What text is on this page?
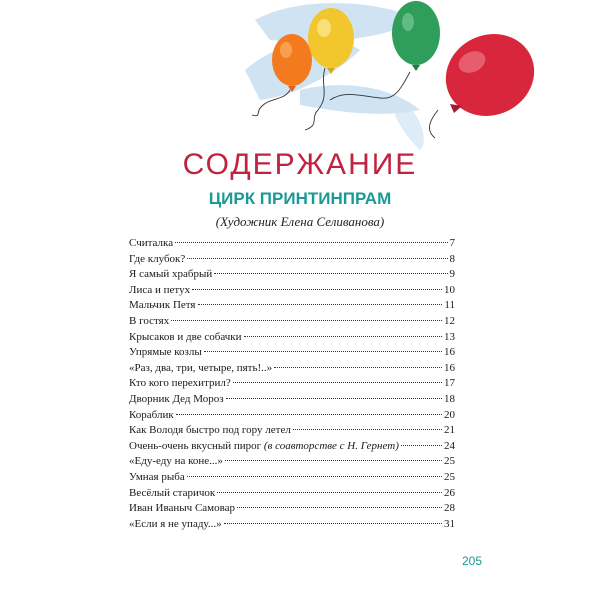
СОДЕРЖАНИЕ
ЦИРК ПРИНТИНПРАМ
(Художник Елена Селиванова)
Считалка	7
Где клубок?	8
Я самый храбрый	9
Лиса и петух	10
Мальчик Петя	11
В гостях	12
Крысаков и две собачки	13
Упрямые козлы	16
«Раз, два, три, четыре, пять!..»	16
Кто кого перехитрил?	17
Дворник Дед Мороз	18
Кораблик	20
Как Володя быстро под гору летел	21
Очень-очень вкусный пирог (в соавторстве с Н. Гернет)	24
«Еду-еду на коне...»	25
Умная рыба	25
Весёлый старичок	26
Иван Иваныч Самовар	28
«Если я не упаду...»	31
205
